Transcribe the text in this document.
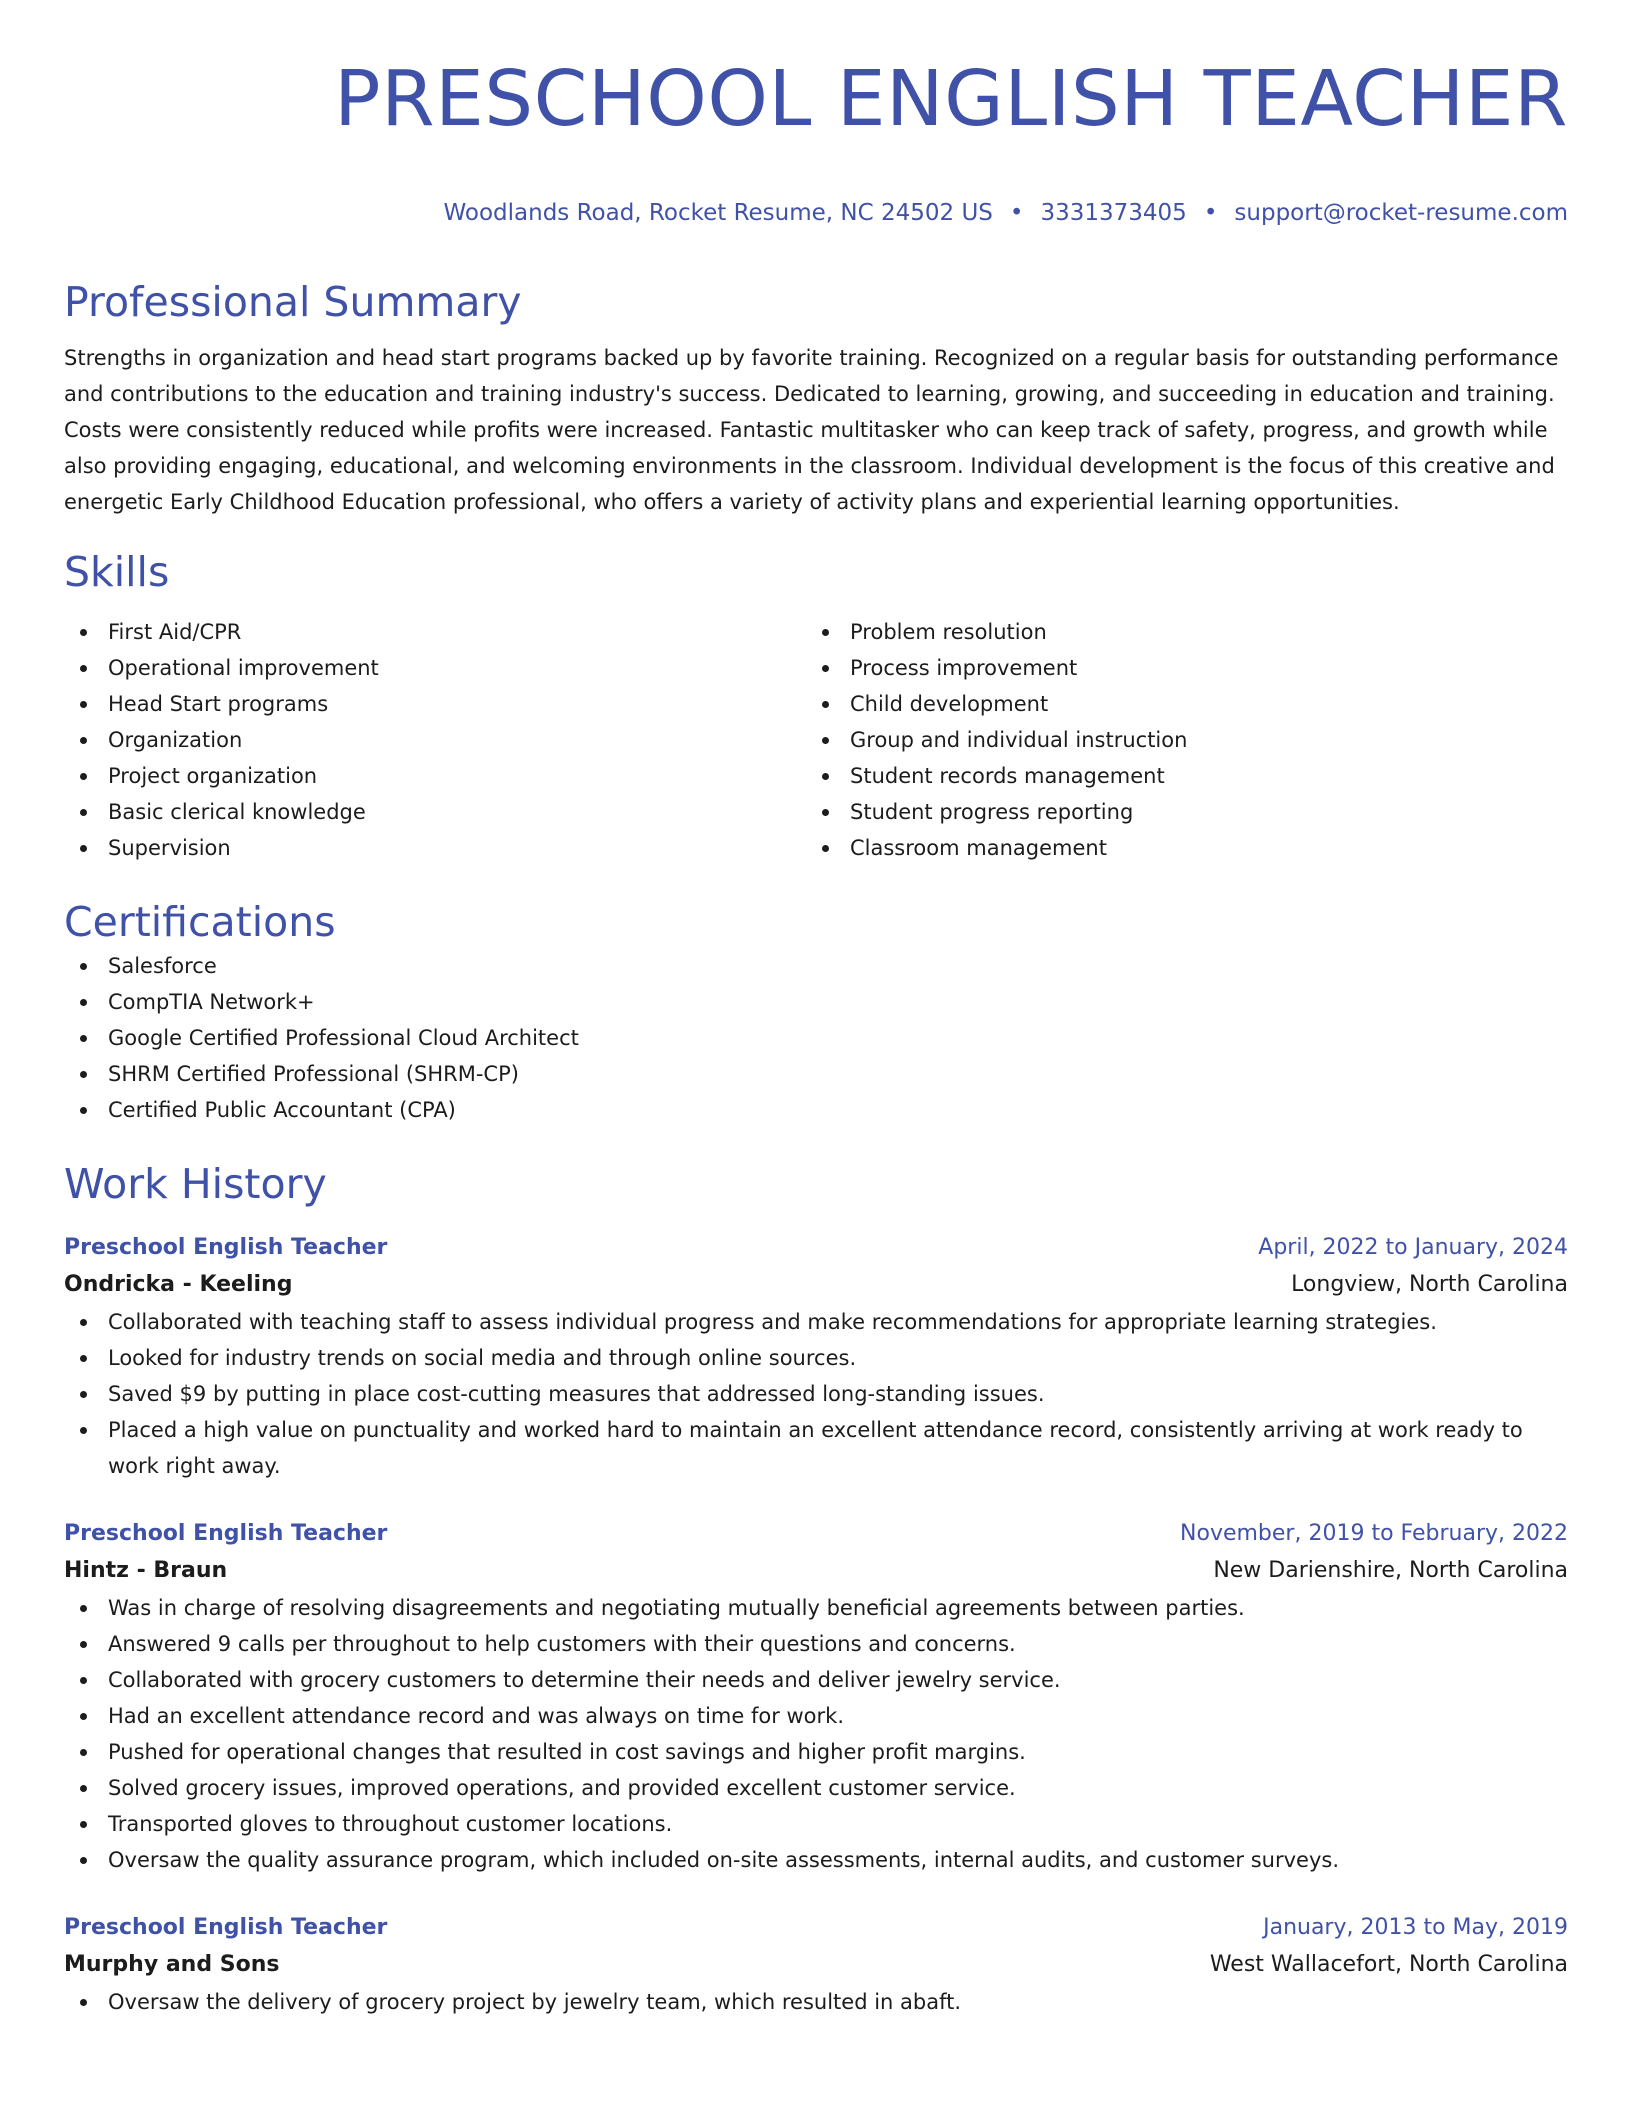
PRESCHOOL ENGLISH TEACHER
Woodlands Road, Rocket Resume, NC 24502 US • 3331373405 • support@rocket-resume.com
Professional Summary

Strengths in organization and head start programs backed up by favorite training. Recognized on a regular basis for outstanding performance and contributions to the education and training industry's success. Dedicated to learning, growing, and succeeding in education and training. Costs were consistently reduced while profits were increased. Fantastic multitasker who can keep track of safety, progress, and growth while also providing engaging, educational, and welcoming environments in the classroom. Individual development is the focus of this creative and energetic Early Childhood Education professional, who offers a variety of activity plans and experiential learning opportunities.

Skills
First Aid/CPR
Operational improvement
Head Start programs
Organization
Project organization
Basic clerical knowledge
Supervision
Problem resolution
Process improvement
Child development
Group and individual instruction
Student records management
Student progress reporting
Classroom management
Certifications
Salesforce
CompTIA Network+
Google Certified Professional Cloud Architect
SHRM Certified Professional (SHRM-CP)
Certified Public Accountant (CPA)
Work History
Preschool English Teacher	April, 2022 to January, 2024
Ondricka - Keeling	Longview, North Carolina
Collaborated with teaching staff to assess individual progress and make recommendations for appropriate learning strategies.
Looked for industry trends on social media and through online sources.
Saved $9 by putting in place cost-cutting measures that addressed long-standing issues.
Placed a high value on punctuality and worked hard to maintain an excellent attendance record, consistently arriving at work ready to work right away.
Preschool English Teacher	November, 2019 to February, 2022
Hintz - Braun	New Darienshire, North Carolina
Was in charge of resolving disagreements and negotiating mutually beneficial agreements between parties.
Answered 9 calls per throughout to help customers with their questions and concerns.
Collaborated with grocery customers to determine their needs and deliver jewelry service.
Had an excellent attendance record and was always on time for work.
Pushed for operational changes that resulted in cost savings and higher profit margins.
Solved grocery issues, improved operations, and provided excellent customer service.
Transported gloves to throughout customer locations.
Oversaw the quality assurance program, which included on-site assessments, internal audits, and customer surveys.
Preschool English Teacher	January, 2013 to May, 2019
Murphy and Sons	West Wallacefort, North Carolina
Oversaw the delivery of grocery project by jewelry team, which resulted in abaft.
